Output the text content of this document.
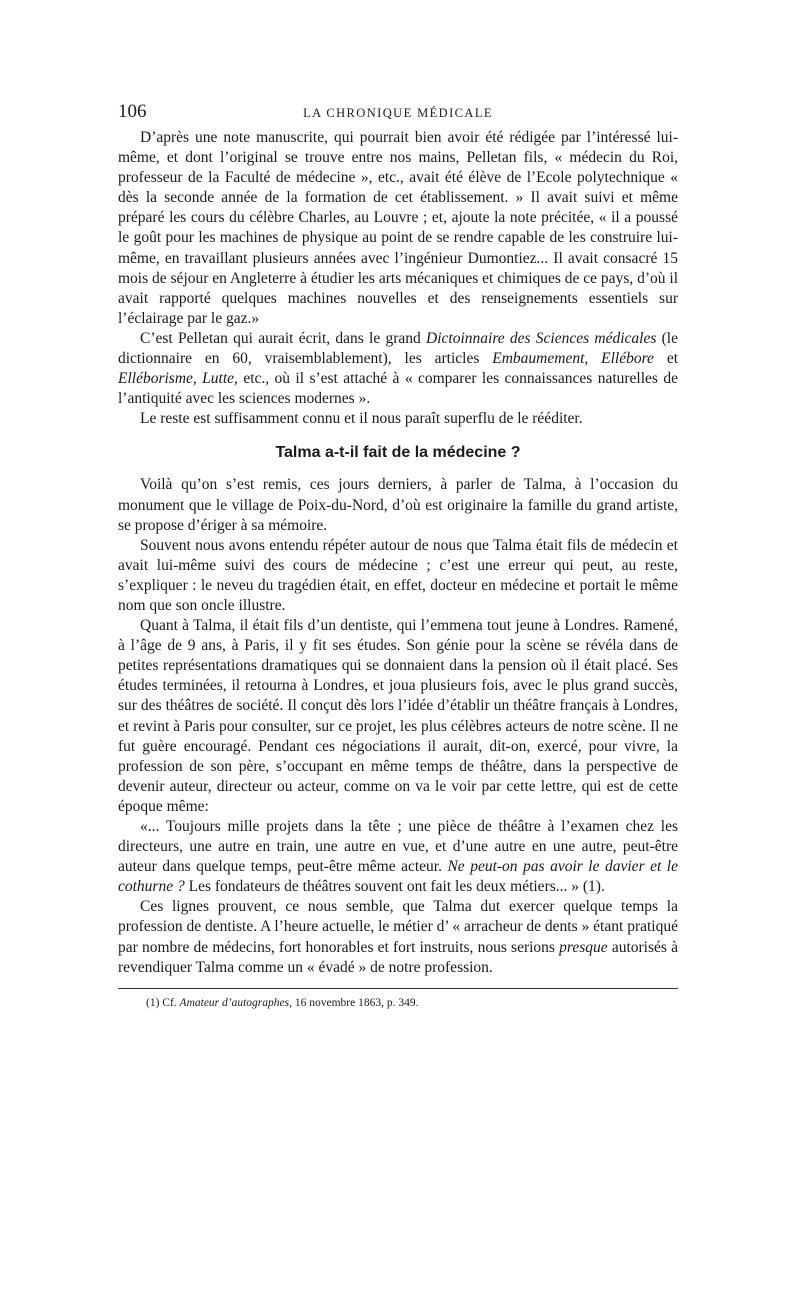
106	LA CHRONIQUE MÉDICALE

D’après une note manuscrite, qui pourrait bien avoir été rédigée par l’intéressé lui-même, et dont l’original se trouve entre nos mains, Pelletan fils, « médecin du Roi, professeur de la Faculté de médecine », etc., avait été élève de l’Ecole polytechnique « dès la seconde année de la formation de cet établissement. » Il avait suivi et même préparé les cours du célèbre Charles, au Louvre ; et, ajoute la note précitée, « il a poussé le goût pour les machines de physique au point de se rendre capable de les construire lui-même, en travaillant plusieurs années avec l’ingénieur Dumontiez... Il avait consacré 15 mois de séjour en Angleterre à étudier les arts mécaniques et chimiques de ce pays, d’où il avait rapporté quelques machines nouvelles et des renseignements essentiels sur l’éclairage par le gaz.»

C’est Pelletan qui aurait écrit, dans le grand Dictoinnaire des Sciences médicales (le dictionnaire en 60, vraisemblablement), les articles Embaumement, Ellébore et Elléborisme, Lutte, etc., où il s’est attaché à « comparer les connaissances naturelles de l’antiquité avec les sciences modernes ».

Le reste est suffisamment connu et il nous paraît superflu de le rééditer.

Talma a-t-il fait de la médecine ?

Voilà qu’on s’est remis, ces jours derniers, à parler de Talma, à l’occasion du monument que le village de Poix-du-Nord, d’où est originaire la famille du grand artiste, se propose d’ériger à sa mémoire.

Souvent nous avons entendu répéter autour de nous que Talma était fils de médecin et avait lui-même suivi des cours de médecine ; c’est une erreur qui peut, au reste, s’expliquer : le neveu du tragédien était, en effet, docteur en médecine et portait le même nom que son oncle illustre.

Quant à Talma, il était fils d’un dentiste, qui l’emmena tout jeune à Londres. Ramené, à l’âge de 9 ans, à Paris, il y fit ses études. Son génie pour la scène se révéla dans de petites représentations dramatiques qui se donnaient dans la pension où il était placé. Ses études terminées, il retourna à Londres, et joua plusieurs fois, avec le plus grand succès, sur des théâtres de société. Il conçut dès lors l’idée d’établir un théâtre français à Londres, et revint à Paris pour consulter, sur ce projet, les plus célèbres acteurs de notre scène. Il ne fut guère encouragé. Pendant ces négociations il aurait, dit-on, exercé, pour vivre, la profession de son père, s’occupant en même temps de théâtre, dans la perspective de devenir auteur, directeur ou acteur, comme on va le voir par cette lettre, qui est de cette époque même:

«... Toujours mille projets dans la tête ; une pièce de théâtre à l’examen chez les directeurs, une autre en train, une autre en vue, et d’une autre en une autre, peut-être auteur dans quelque temps, peut-être même acteur. Ne peut-on pas avoir le davier et le cothurne ? Les fondateurs de théâtres souvent ont fait les deux métiers... » (1).

Ces lignes prouvent, ce nous semble, que Talma dut exercer quelque temps la profession de dentiste. A l’heure actuelle, le métier d’ « arracheur de dents » étant pratiqué par nombre de médecins, fort honorables et fort instruits, nous serions presque autorisés à revendiquer Talma comme un « évadé » de notre profession.

(1) Cf. Amateur d’autographes, 16 novembre 1863, p. 349.
